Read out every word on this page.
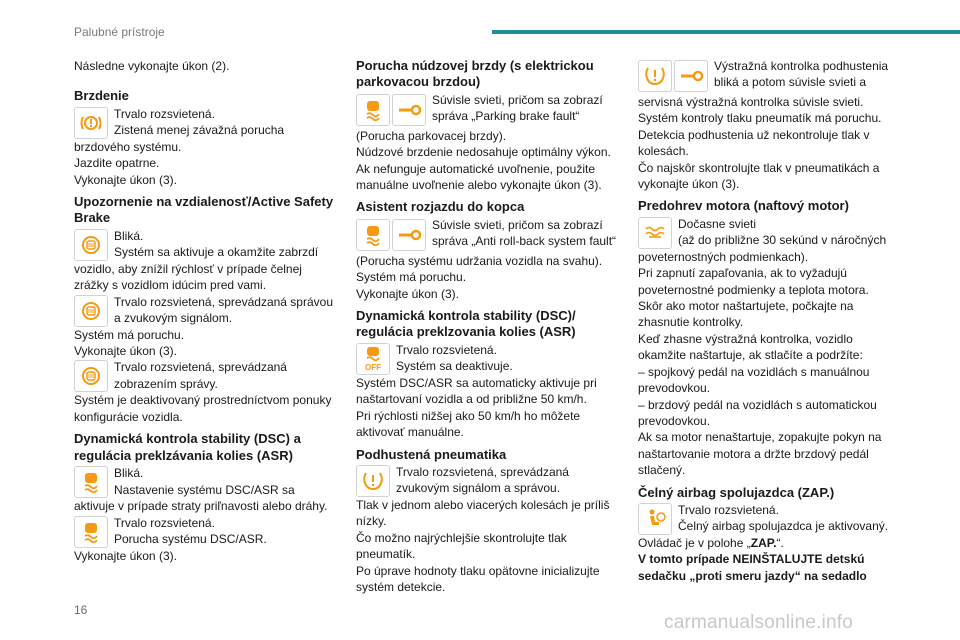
Palubné prístroje

Následne vykonajte úkon (2).

Brzdenie
Trvalo rozsvietená.
Zistená menej závažná porucha
brzdového systému.
Jazdite opatrne.
Vykonajte úkon (3).
Upozornenie na vzdialenosť/Active Safety
Brake
Bliká.
Systém sa aktivuje a okamžite zabrzdí
vozidlo, aby znížil rýchlosť v prípade čelnej
zrážky s vozidlom idúcim pred vami.
Trvalo rozsvietená, sprevádzaná správou
a zvukovým signálom.
Systém má poruchu.
Vykonajte úkon (3).
Trvalo rozsvietená, sprevádzaná
zobrazením správy.
Systém je deaktivovaný prostredníctvom ponuky
konfigurácie vozidla.
Dynamická kontrola stability (DSC) a
regulácia preklzávania kolies (ASR)
Bliká.
Nastavenie systému DSC/ASR sa
aktivuje v prípade straty priľnavosti alebo dráhy.
Trvalo rozsvietená.
Porucha systému DSC/ASR.
Vykonajte úkon (3).
Porucha núdzovej brzdy (s elektrickou
parkovacou brzdou)
Súvisle svieti, pričom sa zobrazí
správa „Parking brake fault“
(Porucha parkovacej brzdy).
Núdzové brzdenie nedosahuje optimálny výkon.
Ak nefunguje automatické uvoľnenie, použite
manuálne uvoľnenie alebo vykonajte úkon (3).
Asistent rozjazdu do kopca
Súvisle svieti, pričom sa zobrazí
správa „Anti roll-back system fault“
(Porucha systému udržania vozidla na svahu).
Systém má poruchu.
Vykonajte úkon (3).
Dynamická kontrola stability (DSC)/
regulácia preklzovania kolies (ASR)
OFF
Trvalo rozsvietená.
Systém sa deaktivuje.
Systém DSC/ASR sa automaticky aktivuje pri
naštartovaní vozidla a od približne 50 km/h.
Pri rýchlosti nižšej ako 50 km/h ho môžete
aktivovať manuálne.
Podhustená pneumatika
Trvalo rozsvietená, sprevádzaná
zvukovým signálom a správou.
Tlak v jednom alebo viacerých kolesách je príliš
nízky.
Čo možno najrýchlejšie skontrolujte tlak
pneumatík.
Po úprave hodnoty tlaku opätovne inicializujte
systém detekcie.
Výstražná kontrolka podhustenia
bliká a potom súvisle svieti a
servisná výstražná kontrolka súvisle svieti.
Systém kontroly tlaku pneumatík má poruchu.
Detekcia podhustenia už nekontroluje tlak v
kolesách.
Čo najskôr skontrolujte tlak v pneumatikách a
vykonajte úkon (3).
Predohrev motora (naftový motor)
Dočasne svieti
(až do približne 30 sekúnd v náročných
poveternostných podmienkach).
Pri zapnutí zapaľovania, ak to vyžadujú
poveternostné podmienky a teplota motora.
Skôr ako motor naštartujete, počkajte na
zhasnutie kontrolky.
Keď zhasne výstražná kontrolka, vozidlo
okamžite naštartuje, ak stlačíte a podržíte:
– spojkový pedál na vozidlách s manuálnou
prevodovkou.
– brzdový pedál na vozidlách s automatickou
prevodovkou.
Ak sa motor nenaštartuje, zopakujte pokyn na
naštartovanie motora a držte brzdový pedál
stlačený.
Čelný airbag spolujazdca (ZAP.)
Trvalo rozsvietená.
Čelný airbag spolujazdca je aktivovaný.
Ovládač je v polohe „ZAP.“.
V tomto prípade NEINŠTALUJTE detskú
sedačku „proti smeru jazdy“ na sedadlo
16
carmanualsonline.info
